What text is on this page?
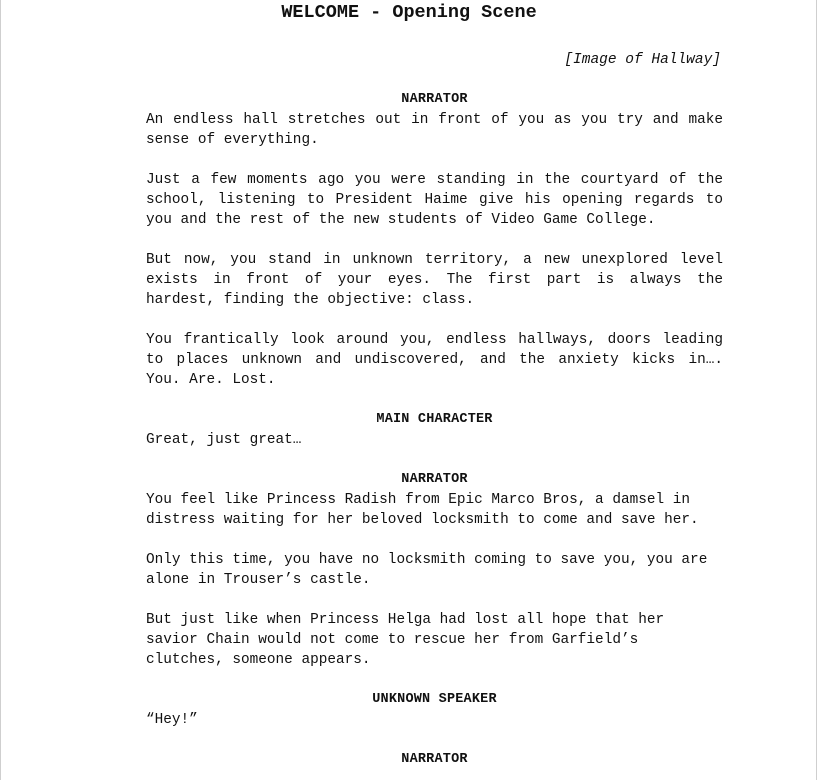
WELCOME - Opening Scene
[Image of Hallway]
NARRATOR

An endless hall stretches out in front of you as you try and make sense of everything.

Just a few moments ago you were standing in the courtyard of the school, listening to President Haime give his opening regards to you and the rest of the new students of Video Game College.

But now, you stand in unknown territory, a new unexplored level exists in front of your eyes. The first part is always the hardest, finding the objective: class.

You frantically look around you, endless hallways, doors leading to places unknown and undiscovered, and the anxiety kicks in…. You. Are. Lost.

MAIN CHARACTER

Great, just great…

NARRATOR

You feel like Princess Radish from Epic Marco Bros, a damsel in distress waiting for her beloved locksmith to come and save her.

Only this time, you have no locksmith coming to save you, you are alone in Trouser’s castle.

But just like when Princess Helga had lost all hope that her savior Chain would not come to rescue her from Garfield’s clutches, someone appears.

UNKNOWN SPEAKER

“Hey!”

NARRATOR
